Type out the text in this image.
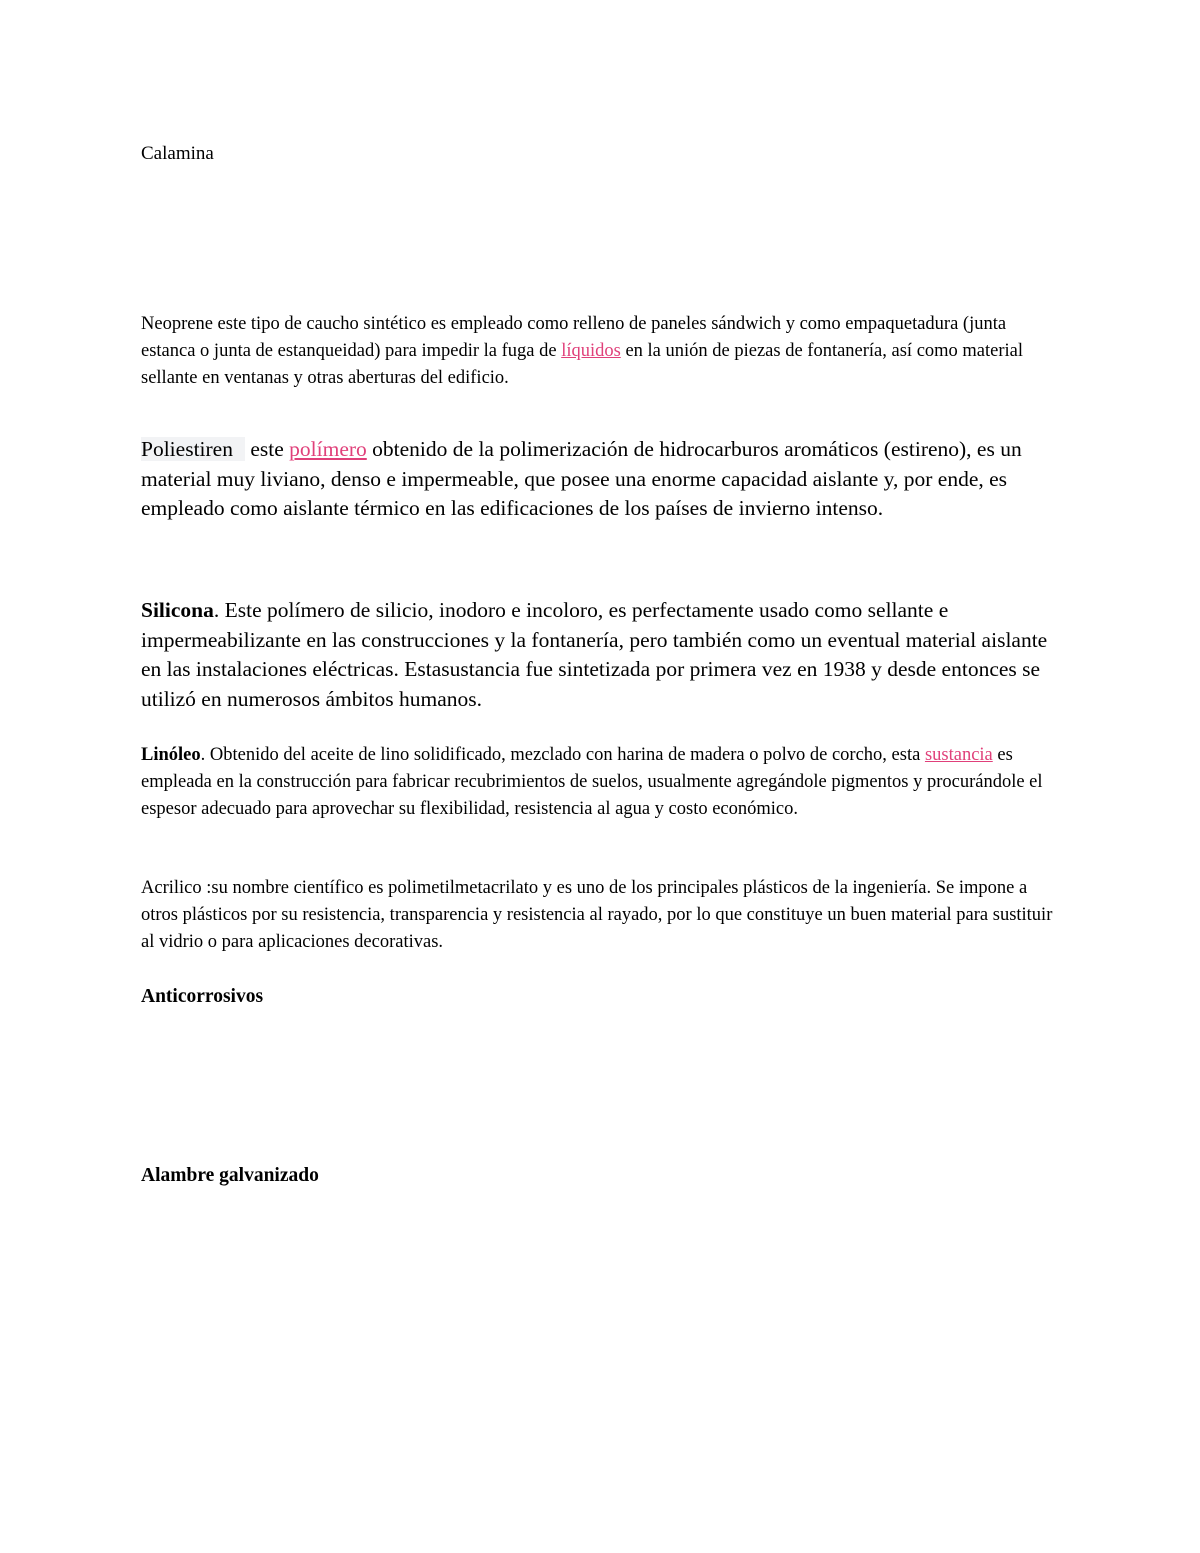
Calamina

Neoprene este tipo de caucho sintético es empleado como relleno de paneles sándwich y como empaquetadura (junta estanca o junta de estanqueidad) para impedir la fuga de líquidos en la unión de piezas de fontanería, así como material sellante en ventanas y otras aberturas del edificio.

Poliestiren este polímero obtenido de la polimerización de hidrocarburos aromáticos (estireno), es un material muy liviano, denso e impermeable, que posee una enorme capacidad aislante y, por ende, es empleado como aislante térmico en las edificaciones de los países de invierno intenso.

Silicona. Este polímero de silicio, inodoro e incoloro, es perfectamente usado como sellante e impermeabilizante en las construcciones y la fontanería, pero también como un eventual material aislante en las instalaciones eléctricas. Estasustancia fue sintetizada por primera vez en 1938 y desde entonces se utilizó en numerosos ámbitos humanos.

Linóleo. Obtenido del aceite de lino solidificado, mezclado con harina de madera o polvo de corcho, esta sustancia es empleada en la construcción para fabricar recubrimientos de suelos, usualmente agregándole pigmentos y procurándole el espesor adecuado para aprovechar su flexibilidad, resistencia al agua y costo económico.

Acrilico :su nombre científico es polimetilmetacrilato y es uno de los principales plásticos de la ingeniería. Se impone a otros plásticos por su resistencia, transparencia y resistencia al rayado, por lo que constituye un buen material para sustituir al vidrio o para aplicaciones decorativas.

Anticorrosivos

Alambre galvanizado
